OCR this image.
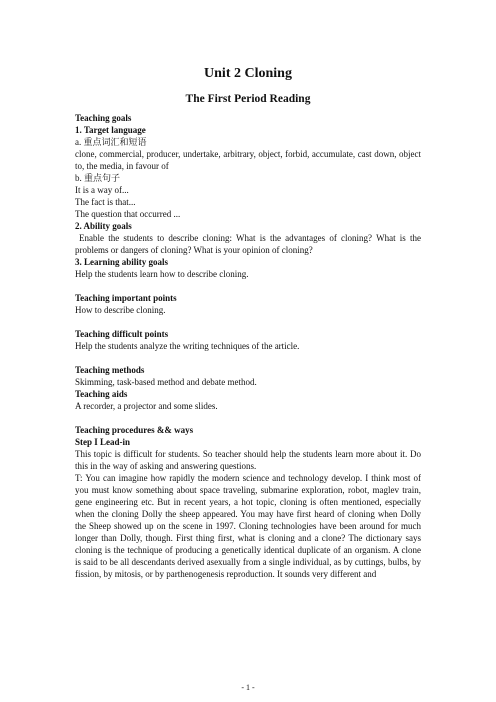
Unit 2 Cloning
The First Period Reading
Teaching goals
1. Target language
a. 重点词汇和短语
clone, commercial, producer, undertake, arbitrary, object, forbid, accumulate, cast down, object to, the media, in favour of
b. 重点句子
It is a way of...
The fact is that...
The question that occurred ...
2. Ability goals
Enable the students to describe cloning: What is the advantages of cloning? What is the problems or dangers of cloning? What is your opinion of cloning?
3. Learning ability goals
Help the students learn how to describe cloning.
Teaching important points
How to describe cloning.
Teaching difficult points
Help the students analyze the writing techniques of the article.
Teaching methods
Skimming, task-based method and debate method.
Teaching aids
A recorder, a projector and some slides.
Teaching procedures && ways
Step I Lead-in
This topic is difficult for students. So teacher should help the students learn more about it. Do this in the way of asking and answering questions.
T: You can imagine how rapidly the modern science and technology develop. I think most of you must know something about space traveling, submarine exploration, robot, maglev train, gene engineering etc. But in recent years, a hot topic, cloning is often mentioned, especially when the cloning Dolly the sheep appeared. You may have first heard of cloning when Dolly the Sheep showed up on the scene in 1997. Cloning technologies have been around for much longer than Dolly, though. First thing first, what is cloning and a clone? The dictionary says cloning is the technique of producing a genetically identical duplicate of an organism. A clone is said to be all descendants derived asexually from a single individual, as by cuttings, bulbs, by fission, by mitosis, or by parthenogenesis reproduction. It sounds very different and
- 1 -
